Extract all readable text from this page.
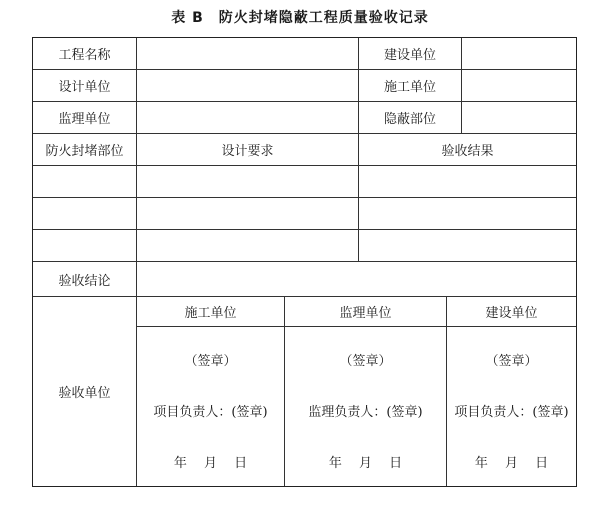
表 B　防火封堵隐蔽工程质量验收记录
工程名称	建设单位
设计单位	施工单位
监理单位	隐蔽部位
防火封堵部位	设计要求	验收结果
验收结论
验收单位
施工单位	监理单位	建设单位
（签章）	（签章）	（签章）
项目负责人：(签章)	监理负责人：(签章)	项目负责人：(签章)
年　 月　 日	年　 月　 日	年　 月　 日
